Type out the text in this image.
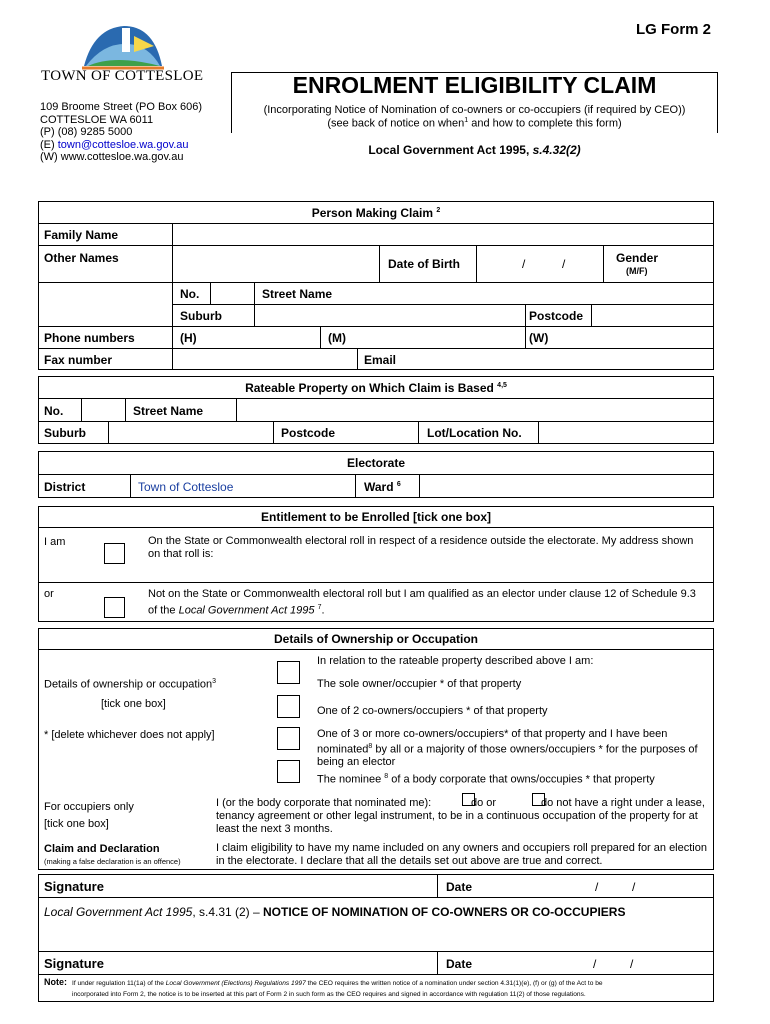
LG Form 2
TOWN OF COTTESLOE
109 Broome Street (PO Box 606)
COTTESLOE WA 6011
(P) (08) 9285 5000
(E) town@cottesloe.wa.gov.au
(W) www.cottesloe.wa.gov.au
ENROLMENT ELIGIBILITY CLAIM
(Incorporating Notice of Nomination of co-owners or co-occupiers (if required by CEO))
(see back of notice on when$^1$ and how to complete this form)
Local Government Act 1995, s.4.32(2)
Person Making Claim $^2$
Family Name
Other Names	Date of Birth	/	/	Gender
(M/F)
No.	Street Name
Suburb	Postcode
Phone numbers	(H)	(M)	(W)
Fax number	Email
Rateable Property on Which Claim is Based $^{4,5}$
No.	Street Name
Suburb	Postcode	Lot/Location No.
Electorate
District	Town of Cottesloe	Ward $^6$
Entitlement to be Enrolled [tick one box]
I am	On the State or Commonwealth electoral roll in respect of a residence outside the electorate. My address shown on that roll is:
or	Not on the State or Commonwealth electoral roll but I am qualified as an elector under clause 12 of Schedule 9.3 of the Local Government Act 1995 $^7$.
Details of Ownership or Occupation
In relation to the rateable property described above I am:
Details of ownership or occupation$^3$
[tick one box]
* [delete whichever does not apply]
The sole owner/occupier * of that property
One of 2 co-owners/occupiers * of that property
One of 3 or more co-owners/occupiers* of that property and I have been nominated$^8$ by all or a majority of those owners/occupiers * for the purposes of being an elector
The nominee $^8$ of a body corporate that owns/occupies * that property
For occupiers only
[tick one box]
I (or the body corporate that nominated me):	do or	do not have a right under a lease, tenancy agreement or other legal instrument, to be in a continuous occupation of the property for at least the next 3 months.
Claim and Declaration
(making a false declaration is an offence)
I claim eligibility to have my name included on any owners and occupiers roll prepared for an election in the electorate. I declare that all the details set out above are true and correct.
Signature	Date	/	/
Local Government Act 1995, s.4.31 (2) – NOTICE OF NOMINATION OF CO-OWNERS OR CO-OCCUPIERS
Signature	Date	/	/
Note: If under regulation 11(1a) of the Local Government (Elections) Regulations 1997 the CEO requires the written notice of a nomination under section 4.31(1)(e), (f) or (g) of the Act to be
incorporated into Form 2, the notice is to be inserted at this part of Form 2 in such form as the CEO requires and signed in accordance with regulation 11(2) of those regulations.
